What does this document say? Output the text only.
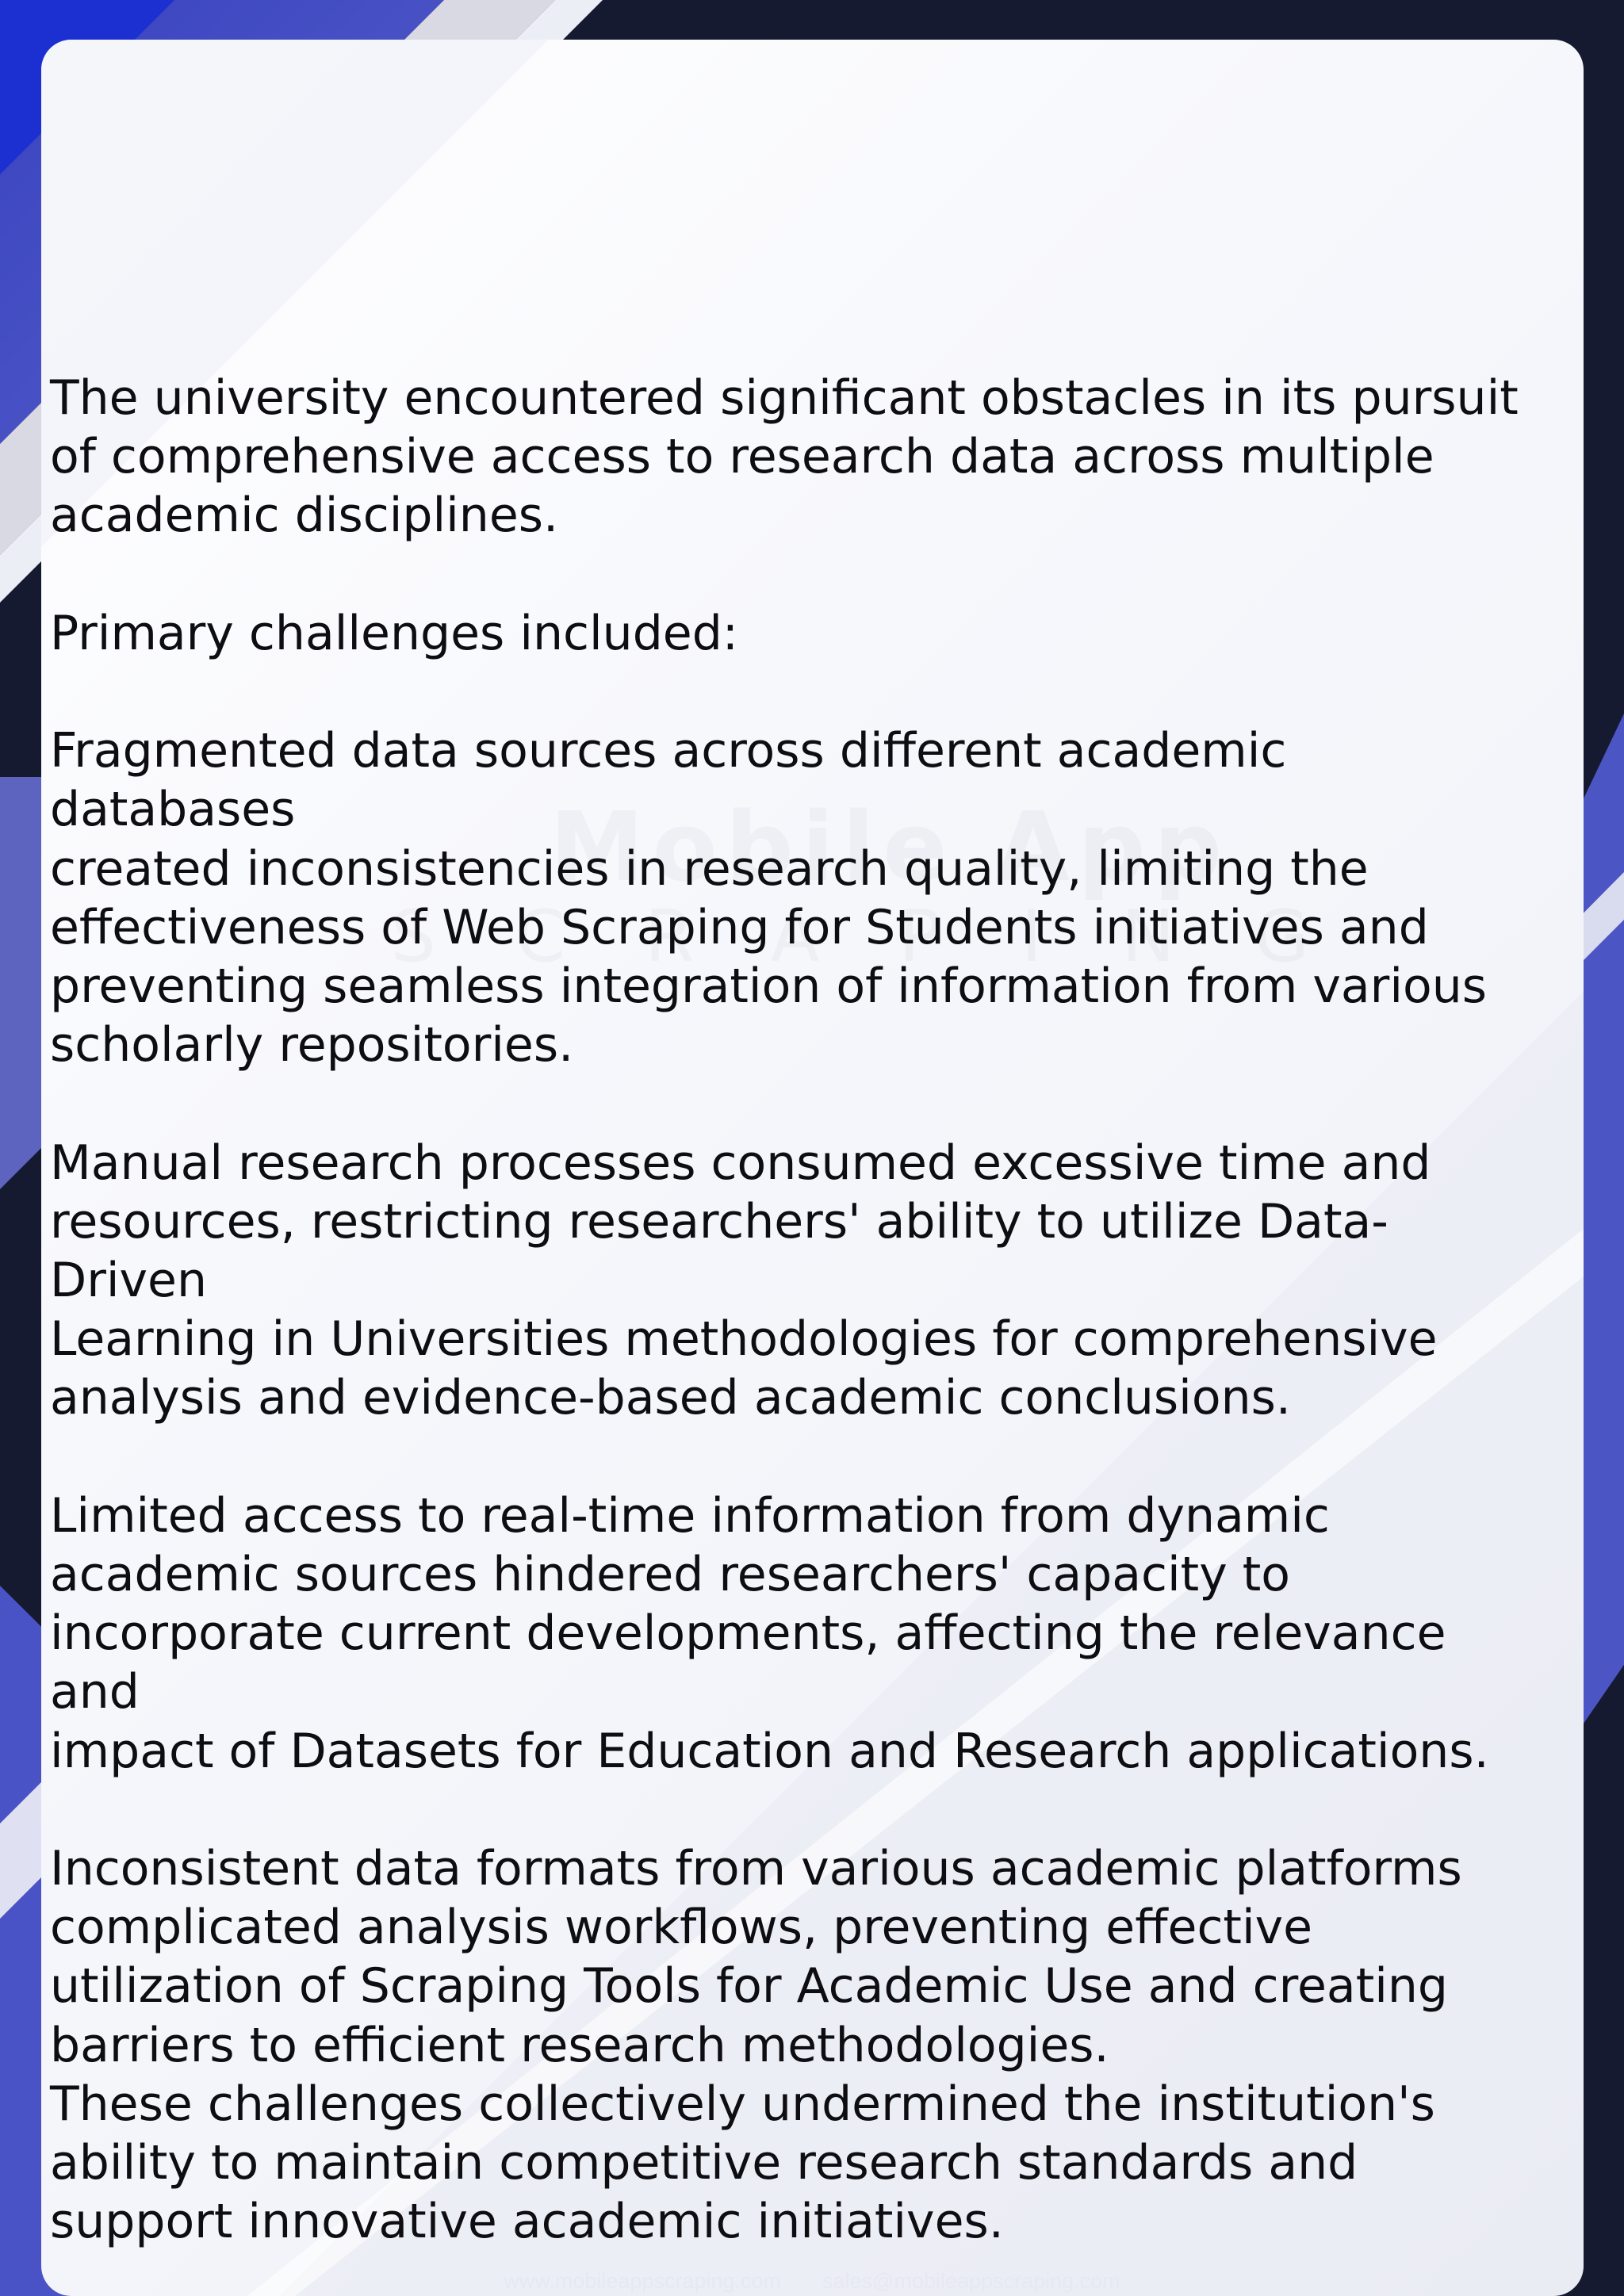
The university encountered significant obstacles in its pursuit
of comprehensive access to research data across multiple
academic disciplines.

Primary challenges included:

Fragmented data sources across different academic databases
created inconsistencies in research quality, limiting the
effectiveness of Web Scraping for Students initiatives and
preventing seamless integration of information from various
scholarly repositories.

Manual research processes consumed excessive time and
resources, restricting researchers' ability to utilize Data-Driven
Learning in Universities methodologies for comprehensive
analysis and evidence-based academic conclusions.

Limited access to real-time information from dynamic
academic sources hindered researchers' capacity to
incorporate current developments, affecting the relevance and
impact of Datasets for Education and Research applications.

Inconsistent data formats from various academic platforms
complicated analysis workflows, preventing effective
utilization of Scraping Tools for Academic Use and creating
barriers to efficient research methodologies.

These challenges collectively undermined the institution's
ability to maintain competitive research standards and
support innovative academic initiatives.

www.mobileappscraping.com sales@mobileappscraping.com
